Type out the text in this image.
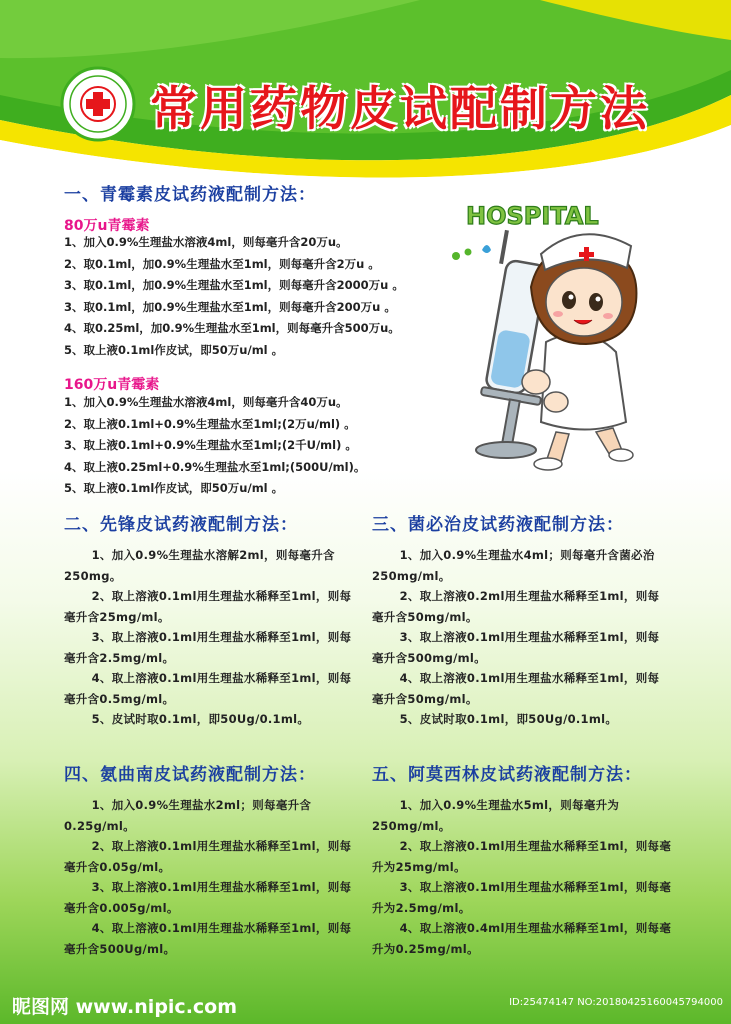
常用药物皮试配制方法
一、青霉素皮试药液配制方法：
80万u青霉素
1、加入0.9%生理盐水溶液4ml，则每毫升含20万u。
2、取0.1ml，加0.9%生理盐水至1ml，则每毫升含2万u 。
3、取0.1ml，加0.9%生理盐水至1ml，则每毫升含2000万u 。
3、取0.1ml，加0.9%生理盐水至1ml，则每毫升含200万u 。
4、取0.25ml，加0.9%生理盐水至1ml，则每毫升含500万u。
5、取上液0.1ml作皮试，即50万u/ml 。
160万u青霉素
1、加入0.9%生理盐水溶液4ml，则每毫升含40万u。
2、取上液0.1ml+0.9%生理盐水至1ml;(2万u/ml) 。
3、取上液0.1ml+0.9%生理盐水至1ml;(2千U/ml) 。
4、取上液0.25ml+0.9%生理盐水至1ml;(500U/ml)。
5、取上液0.1ml作皮试，即50万u/ml 。
HOSPITAL
二、先锋皮试药液配制方法：
1、加入0.9%生理盐水溶解2ml，则每毫升含250mg。
2、取上溶液0.1ml用生理盐水稀释至1ml，则每毫升含25mg/ml。
3、取上溶液0.1ml用生理盐水稀释至1ml，则每毫升含2.5mg/ml。
4、取上溶液0.1ml用生理盐水稀释至1ml，则每毫升含0.5mg/ml。
5、皮试时取0.1ml，即50Ug/0.1ml。
三、菌必治皮试药液配制方法：
1、加入0.9%生理盐水4ml；则每毫升含菌必治250mg/ml。
2、取上溶液0.2ml用生理盐水稀释至1ml，则每毫升含50mg/ml。
3、取上溶液0.1ml用生理盐水稀释至1ml，则每毫升含500mg/ml。
4、取上溶液0.1ml用生理盐水稀释至1ml，则每毫升含50mg/ml。
5、皮试时取0.1ml，即50Ug/0.1ml。
四、氨曲南皮试药液配制方法：
1、加入0.9%生理盐水2ml；则每毫升含0.25g/ml。
2、取上溶液0.1ml用生理盐水稀释至1ml，则每毫升含0.05g/ml。
3、取上溶液0.1ml用生理盐水稀释至1ml，则每毫升含0.005g/ml。
4、取上溶液0.1ml用生理盐水稀释至1ml，则每毫升含500Ug/ml。
五、阿莫西林皮试药液配制方法：
1、加入0.9%生理盐水5ml，则每毫升为250mg/ml。
2、取上溶液0.1ml用生理盐水稀释至1ml，则每毫升为25mg/ml。
3、取上溶液0.1ml用生理盐水稀释至1ml，则每毫升为2.5mg/ml。
4、取上溶液0.4ml用生理盐水稀释至1ml，则每毫升为0.25mg/ml。
昵图网 www.nipic.com	ID:25474147 NO:20180425160045794000
